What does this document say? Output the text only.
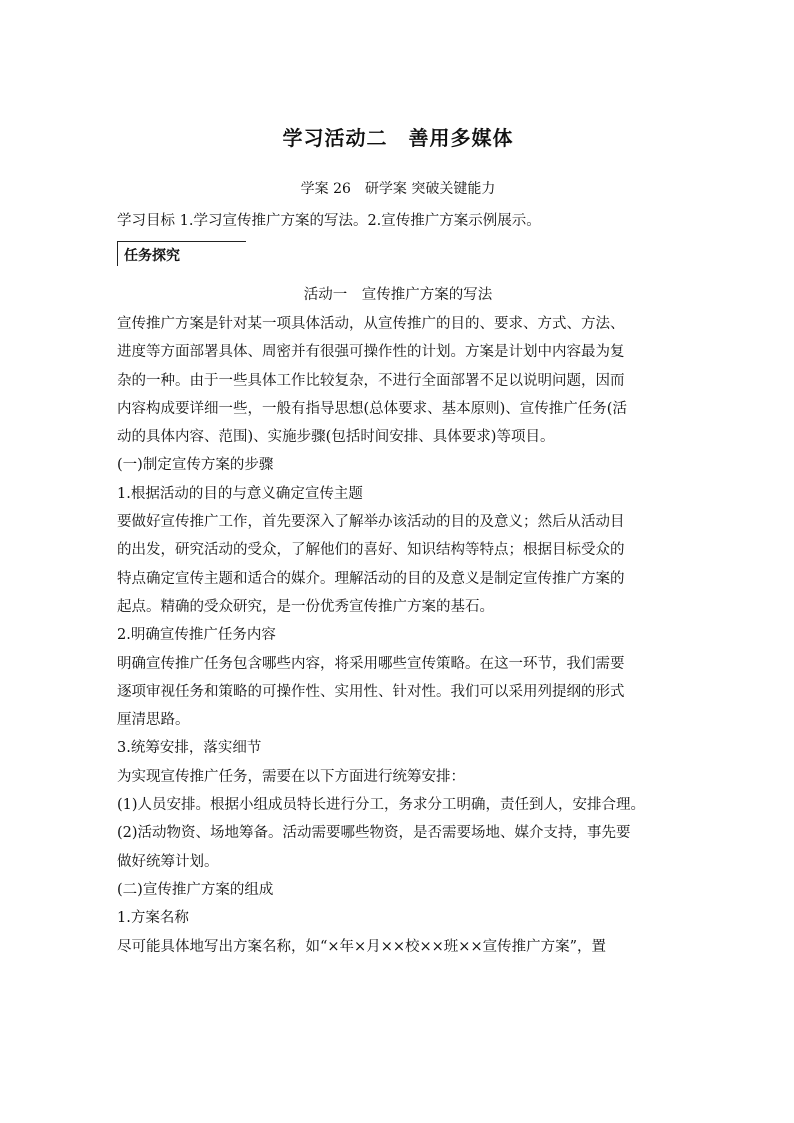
学习活动二　善用多媒体
学案 26　研学案 突破关键能力
学习目标 1.学习宣传推广方案的写法。2.宣传推广方案示例展示。
任务探究
活动一　宣传推广方案的写法
宣传推广方案是针对某一项具体活动，从宣传推广的目的、要求、方式、方法、
进度等方面部署具体、周密并有很强可操作性的计划。方案是计划中内容最为复
杂的一种。由于一些具体工作比较复杂，不进行全面部署不足以说明问题，因而
内容构成要详细一些，一般有指导思想(总体要求、基本原则)、宣传推广任务(活
动的具体内容、范围)、实施步骤(包括时间安排、具体要求)等项目。
(一)制定宣传方案的步骤
1.根据活动的目的与意义确定宣传主题
要做好宣传推广工作，首先要深入了解举办该活动的目的及意义；然后从活动目
的出发，研究活动的受众，了解他们的喜好、知识结构等特点；根据目标受众的
特点确定宣传主题和适合的媒介。理解活动的目的及意义是制定宣传推广方案的
起点。精确的受众研究，是一份优秀宣传推广方案的基石。
2.明确宣传推广任务内容
明确宣传推广任务包含哪些内容，将采用哪些宣传策略。在这一环节，我们需要
逐项审视任务和策略的可操作性、实用性、针对性。我们可以采用列提纲的形式
厘清思路。
3.统筹安排，落实细节
为实现宣传推广任务，需要在以下方面进行统筹安排：
(1)人员安排。根据小组成员特长进行分工，务求分工明确，责任到人，安排合理。
(2)活动物资、场地筹备。活动需要哪些物资，是否需要场地、媒介支持，事先要
做好统筹计划。
(二)宣传推广方案的组成
1.方案名称
尽可能具体地写出方案名称，如“×年×月××校××班××宣传推广方案”，置
